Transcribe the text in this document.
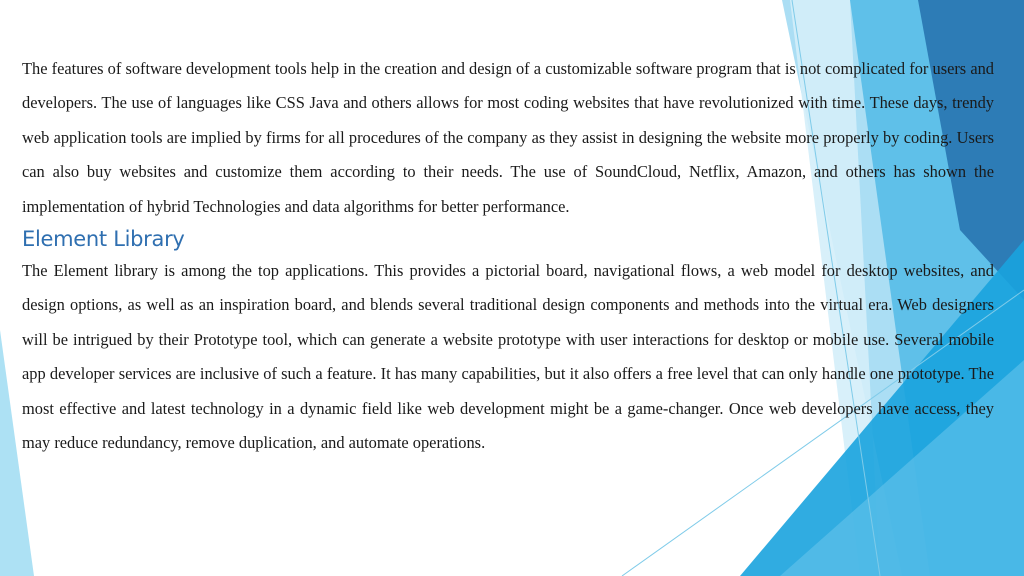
The features of software development tools help in the creation and design of a customizable software program that is not complicated for users and developers. The use of languages like CSS Java and others allows for most coding websites that have revolutionized with time. These days, trendy web application tools are implied by firms for all procedures of the company as they assist in designing the website more properly by coding. Users can also buy websites and customize them according to their needs. The use of SoundCloud, Netflix, Amazon, and others has shown the implementation of hybrid Technologies and data algorithms for better performance.

Element Library

The Element library is among the top applications. This provides a pictorial board, navigational flows, a web model for desktop websites, and design options, as well as an inspiration board, and blends several traditional design components and methods into the virtual era. Web designers will be intrigued by their Prototype tool, which can generate a website prototype with user interactions for desktop or mobile use. Several mobile app developer services are inclusive of such a feature. It has many capabilities, but it also offers a free level that can only handle one prototype. The most effective and latest technology in a dynamic field like web development might be a game-changer. Once web developers have access, they may reduce redundancy, remove duplication, and automate operations.
